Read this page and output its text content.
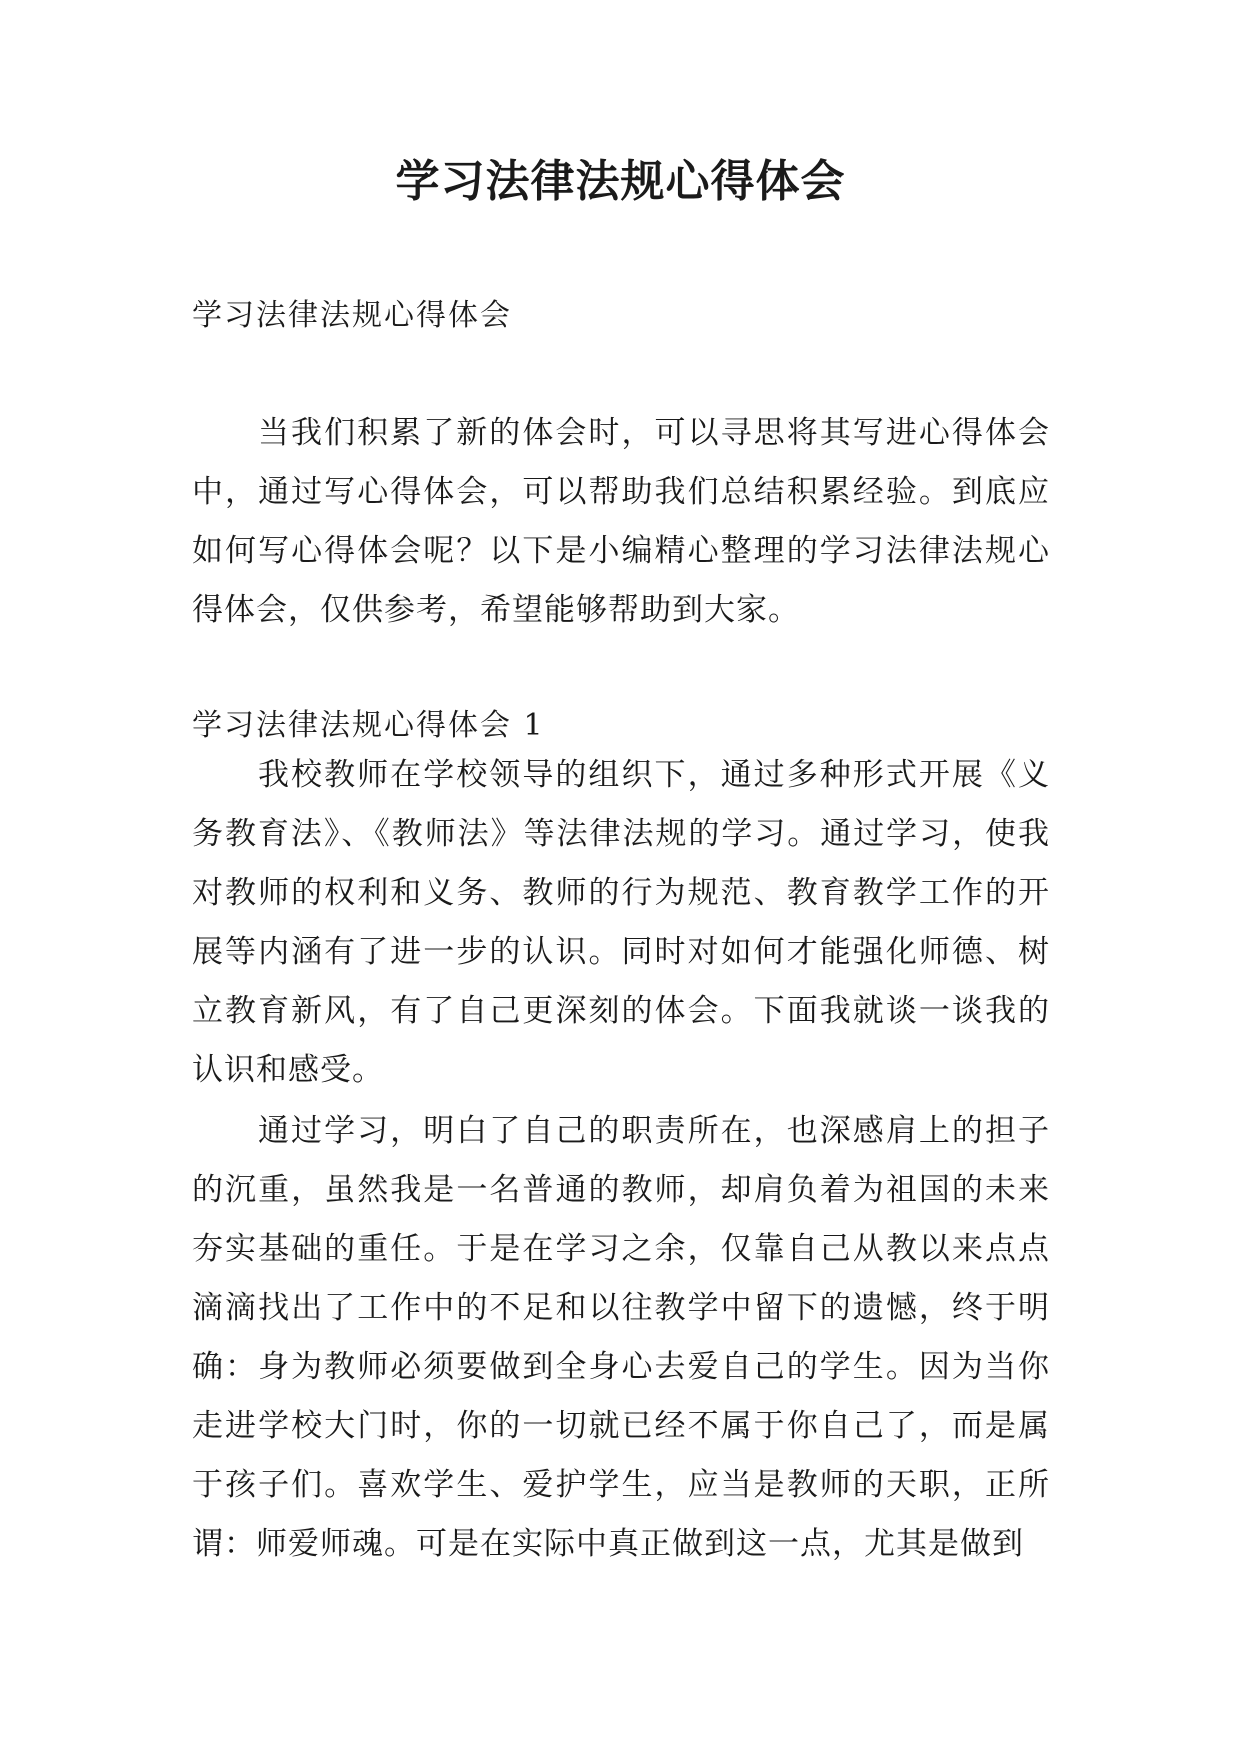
学习法律法规心得体会

学习法律法规心得体会

当我们积累了新的体会时，可以寻思将其写进心得体会中，通过写心得体会，可以帮助我们总结积累经验。到底应如何写心得体会呢？以下是小编精心整理的学习法律法规心得体会，仅供参考，希望能够帮助到大家。

学习法律法规心得体会 1

我校教师在学校领导的组织下，通过多种形式开展《义务教育法》、《教师法》等法律法规的学习。通过学习，使我对教师的权利和义务、教师的行为规范、教育教学工作的开展等内涵有了进一步的认识。同时对如何才能强化师德、树立教育新风，有了自己更深刻的体会。下面我就谈一谈我的认识和感受。

通过学习，明白了自己的职责所在，也深感肩上的担子的沉重，虽然我是一名普通的教师，却肩负着为祖国的未来夯实基础的重任。于是在学习之余，仅靠自己从教以来点点滴滴找出了工作中的不足和以往教学中留下的遗憾，终于明确：身为教师必须要做到全身心去爱自己的学生。因为当你走进学校大门时，你的一切就已经不属于你自己了，而是属于孩子们。喜欢学生、爱护学生，应当是教师的天职，正所谓：师爱师魂。可是在实际中真正做到这一点，尤其是做到
